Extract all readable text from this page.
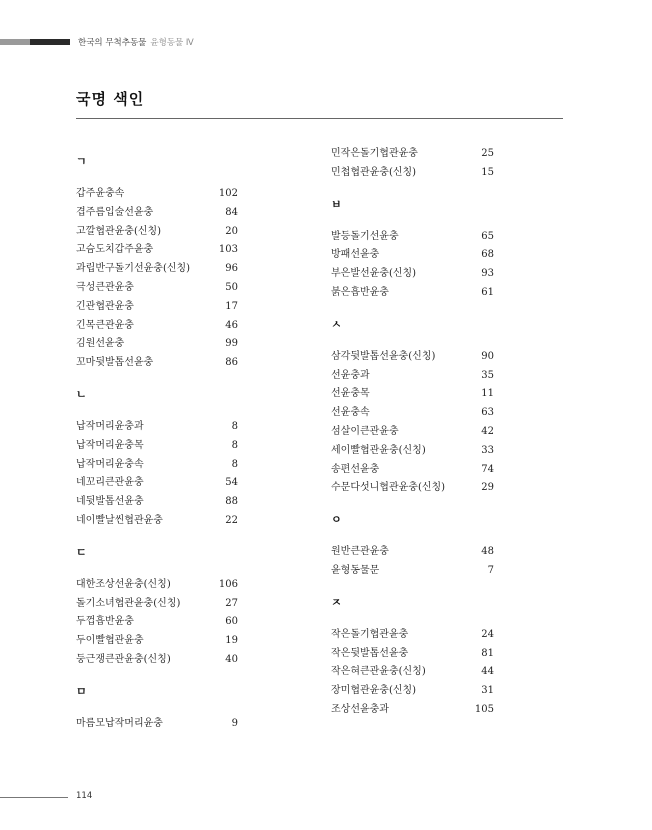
한국의 무척추동물 윤형동물 Ⅳ
국명 색인
ㄱ
갑주윤충속	102
겹주름입술선윤충	84
고깔협관윤충(신칭)	20
고슴도치갑주윤충	103
과립반구돌기선윤충(신칭)	96
극성큰관윤충	50
긴관협관윤충	17
긴목큰관윤충	46
김원선윤충	99
꼬마뒷발톱선윤충	86
ㄴ
납작머리윤충과	8
납작머리윤충목	8
납작머리윤충속	8
네꼬리큰관윤충	54
네뒷발톱선윤충	88
네이빨날씬협관윤충	22
ㄷ
대한조상선윤충(신칭)	106
돌기소녀협관윤충(신칭)	27
두껍흡반윤충	60
두이빨협관윤충	19
둥근쟁큰관윤충(신칭)	40
ㅁ
마름모납작머리윤충	9
민작은돌기협관윤충	25
민첩협관윤충(신칭)	15
ㅂ
발등돌기선윤충	65
방패선윤충	68
부은발선윤충(신칭)	93
붉은흡반윤충	61
ㅅ
삼각뒷발톱선윤충(신칭)	90
선윤충과	35
선윤충목	11
선윤충속	63
섬살이큰관윤충	42
세이빨협관윤충(신칭)	33
송편선윤충	74
수문다섯니협관윤충(신칭)	29
ㅇ
원반큰관윤충	48
윤형동물문	7
ㅈ
작은돌기협관윤충	24
작은뒷발톱선윤충	81
작은혀큰관윤충(신칭)	44
장미협관윤충(신칭)	31
조상선윤충과	105
114
